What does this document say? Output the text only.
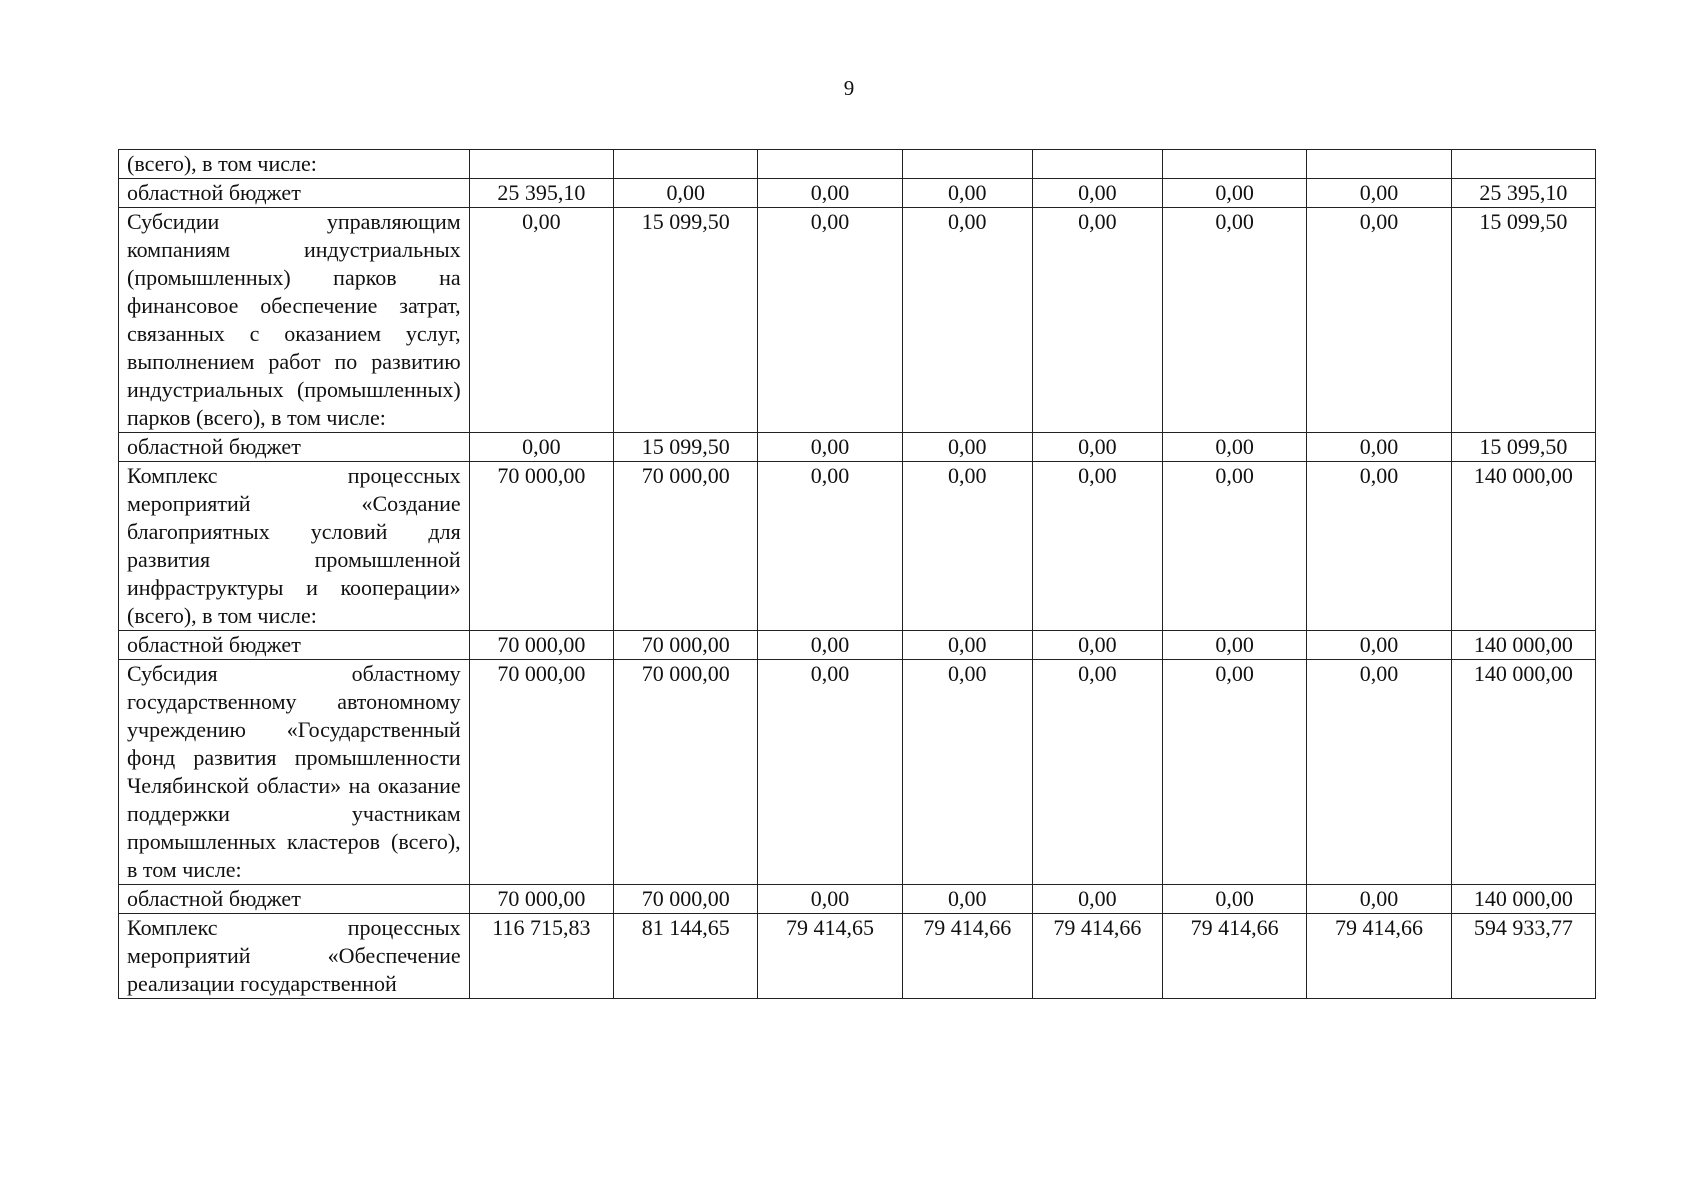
9
(всего), в том числе:								
областной бюджет	25 395,10	0,00	0,00	0,00	0,00	0,00	0,00	25 395,10
Субсидии управляющим компаниям индустриальных (промышленных) парков на финансовое обеспечение затрат, связанных с оказанием услуг, выполнением работ по развитию индустриальных (промышленных) парков (всего), в том числе:	0,00	15 099,50	0,00	0,00	0,00	0,00	0,00	15 099,50
областной бюджет	0,00	15 099,50	0,00	0,00	0,00	0,00	0,00	15 099,50
Комплекс процессных мероприятий «Создание благоприятных условий для развития промышленной инфраструктуры и кооперации» (всего), в том числе:	70 000,00	70 000,00	0,00	0,00	0,00	0,00	0,00	140 000,00
областной бюджет	70 000,00	70 000,00	0,00	0,00	0,00	0,00	0,00	140 000,00
Субсидия областному государственному автономному учреждению «Государственный фонд развития промышленности Челябинской области» на оказание поддержки участникам промышленных кластеров (всего), в том числе:	70 000,00	70 000,00	0,00	0,00	0,00	0,00	0,00	140 000,00
областной бюджет	70 000,00	70 000,00	0,00	0,00	0,00	0,00	0,00	140 000,00
Комплекс процессных мероприятий «Обеспечение реализации государственной	116 715,83	81 144,65	79 414,65	79 414,66	79 414,66	79 414,66	79 414,66	594 933,77
